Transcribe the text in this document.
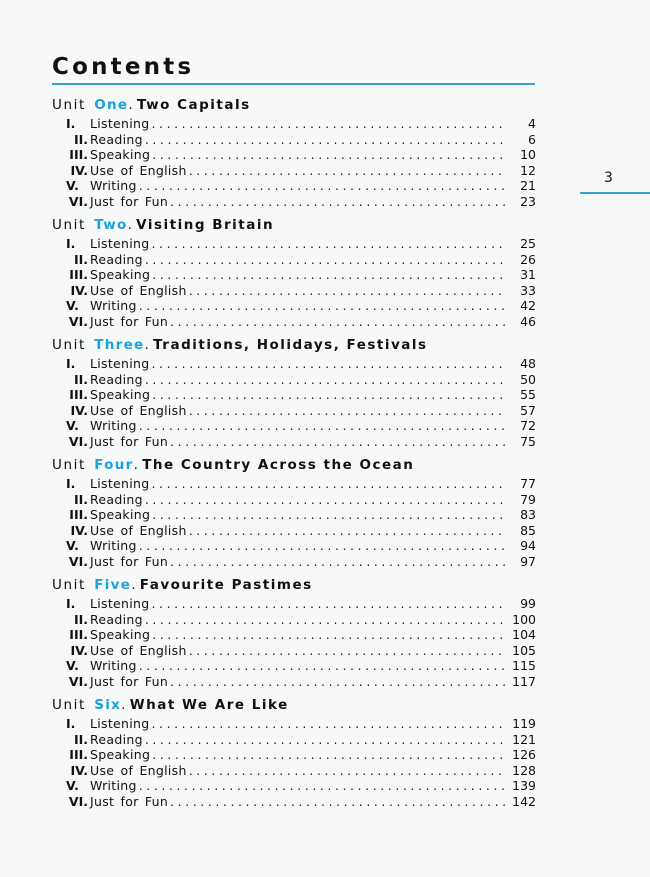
Contents
3
Unit One. Two Capitals
I.	Listening . . .	4
II. Reading . . .	6
III. Speaking . . .	10
IV. Use of English . . .	12
V. Writing . . .	21
VI. Just for Fun . . .	23
Unit Two. Visiting Britain
I.	Listening . . .	25
II. Reading . . .	26
III. Speaking . . .	31
IV. Use of English . . .	33
V. Writing . . .	42
VI. Just for Fun . . .	46
Unit Three. Traditions, Holidays, Festivals
I.	Listening . . .	48
II. Reading . . .	50
III. Speaking . . .	55
IV. Use of English . . .	57
V. Writing . . .	72
VI. Just for Fun . . .	75
Unit Four. The Country Across the Ocean
I.	Listening . . .	77
II. Reading . . .	79
III. Speaking . . .	83
IV. Use of English . . .	85
V. Writing . . .	94
VI. Just for Fun . . .	97
Unit Five. Favourite Pastimes
I.	Listening . . .	99
II. Reading . . .	100
III. Speaking . . .	104
IV. Use of English . . .	105
V. Writing . . .	115
VI. Just for Fun . . .	117
Unit Six. What We Are Like
I.	Listening . . .	119
II. Reading . . .	121
III. Speaking . . .	126
IV. Use of English . . .	128
V. Writing . . .	139
VI. Just for Fun . . .	142
